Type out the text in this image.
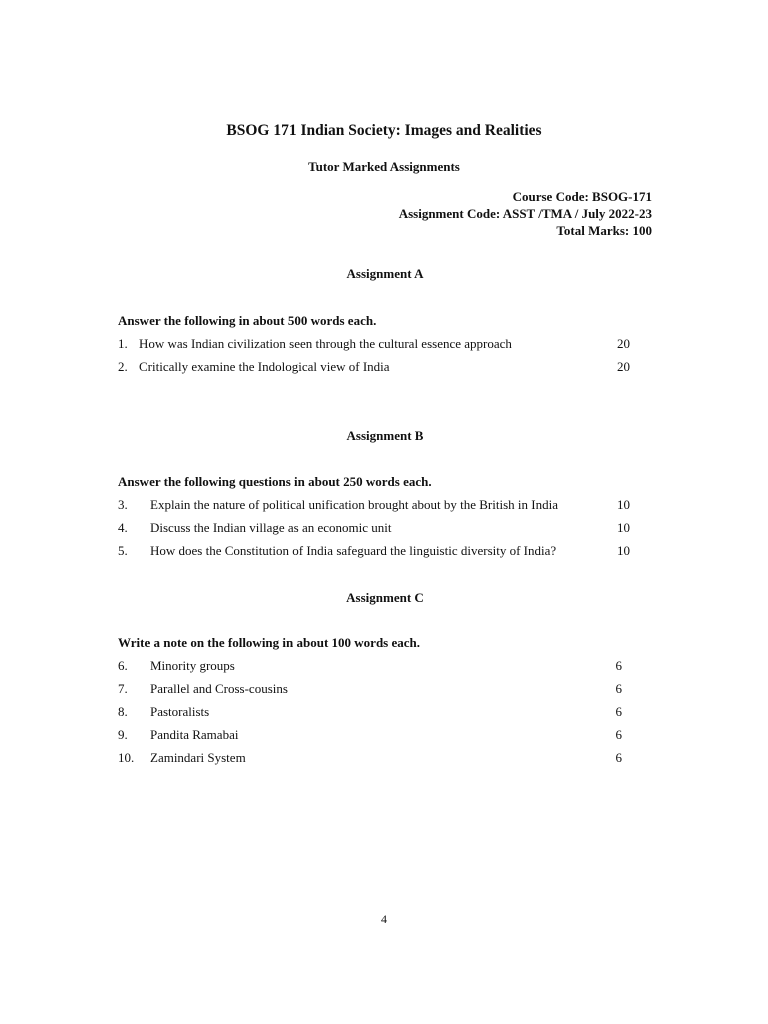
BSOG 171 Indian Society: Images and Realities
Tutor Marked Assignments
Course Code: BSOG-171
Assignment Code: ASST /TMA / July 2022-23
Total Marks: 100
Assignment A
Answer the following in about 500 words each.
1. How was Indian civilization seen through the cultural essence approach	20
2. Critically examine the Indological view of India	20
Assignment B
Answer the following questions in about 250 words each.
3. Explain the nature of political unification brought about by the British in India	10
4. Discuss the Indian village as an economic unit	10
5. How does the Constitution of India safeguard the linguistic diversity of India?	10
Assignment C
Write a note on the following in about 100 words each.
6. Minority groups	6
7. Parallel and Cross-cousins	6
8. Pastoralists	6
9. Pandita Ramabai	6
10. Zamindari System	6
4
